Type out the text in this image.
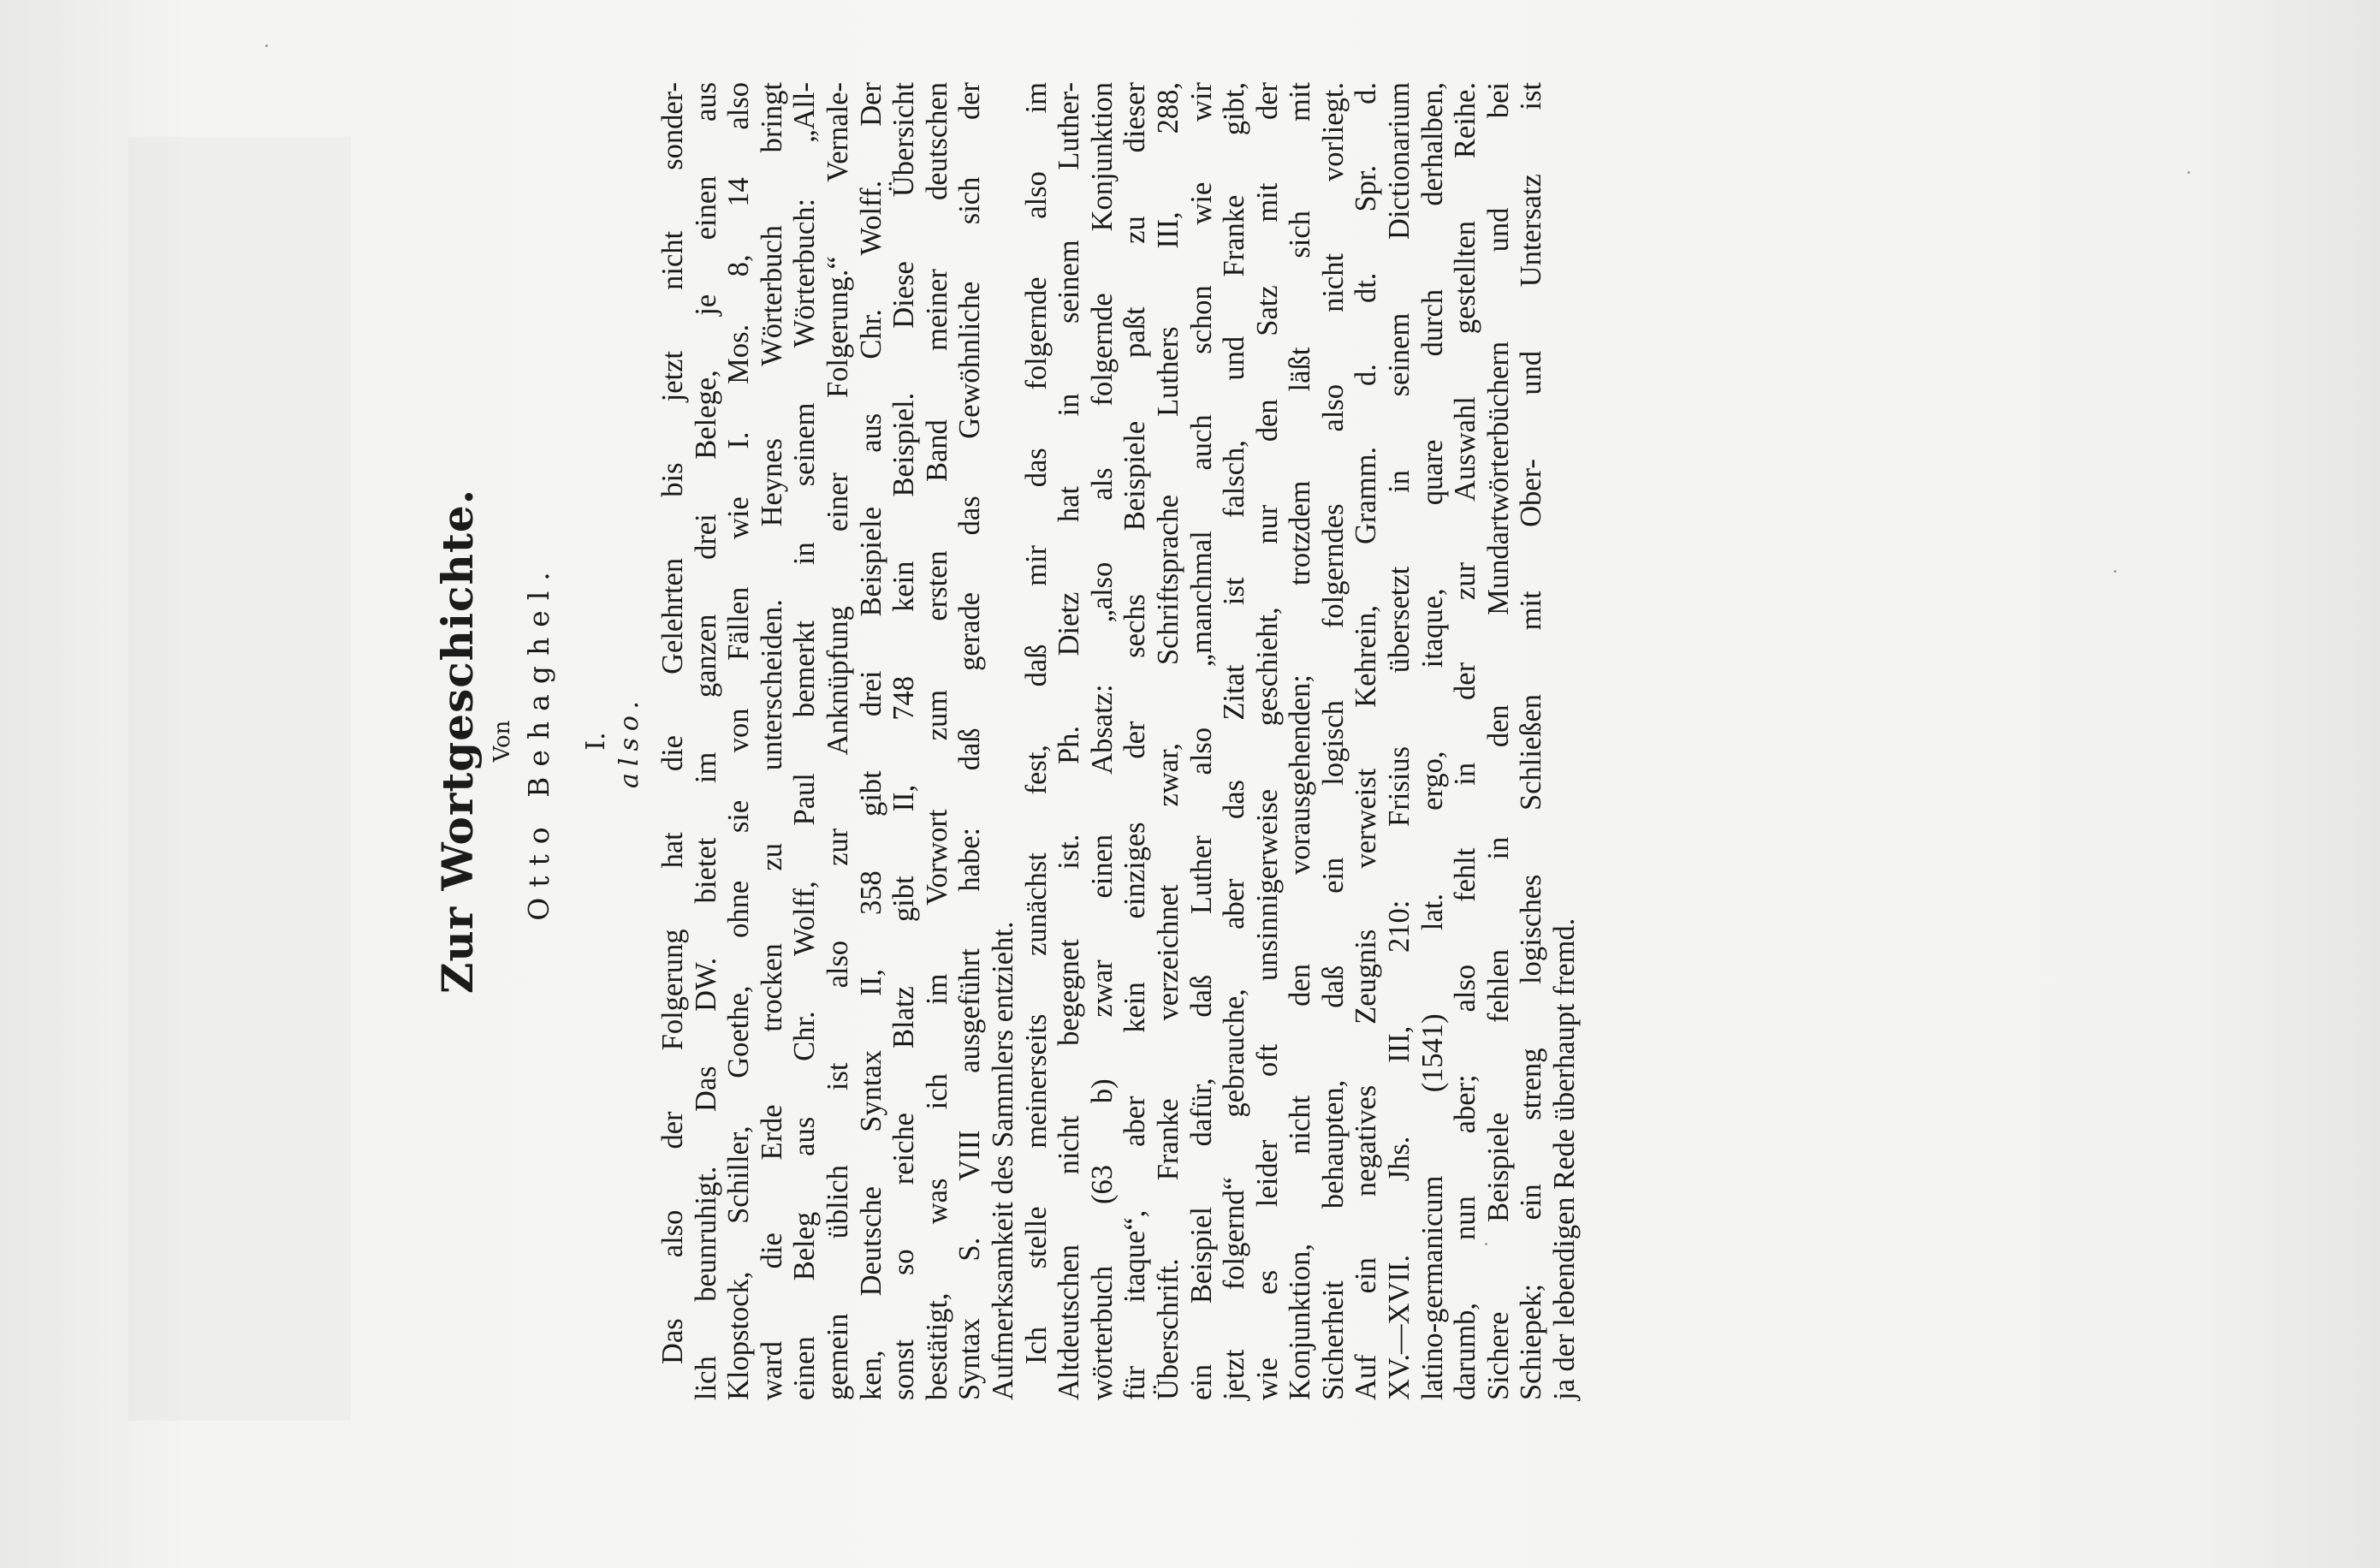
Zur Wortgeschichte. Von Otto Behaghel. I. also. Das also der Folgerung hat die Gelehrten bis jetzt nicht sonder- lich beunruhigt. Das DW. bietet im ganzen drei Belege, je einen aus Klopstock, Schiller, Goethe, ohne sie von Fällen wie I. Mos. 8, 14 also ward die Erde trocken zu unterscheiden. Heynes Wörterbuch bringt einen Beleg aus Chr. Wolff, Paul bemerkt in seinem Wörterbuch: „All- gemein üblich ist also zur Anknüpfung einer Folgerung.“ Vernale- ken, Deutsche Syntax II, 358 gibt drei Beispiele aus Chr. Wolff. Der sonst so reiche Blatz gibt II, 748 kein Beispiel. Diese Übersicht bestätigt, was ich im Vorwort zum ersten Band meiner deutschen Syntax S. VIII ausgeführt habe: daß gerade das Gewöhnliche sich der Aufmerksamkeit des Sammlers entzieht. Ich stelle meinerseits zunächst fest, daß mir das folgernde also im Altdeutschen nicht begegnet ist. Ph. Dietz hat in seinem Luther- wörterbuch (63 b) zwar einen Absatz: „also als folgernde Konjunktion für itaque“, aber kein einziges der sechs Beispiele paßt zu dieser Überschrift. Franke verzeichnet zwar, Schriftsprache Luthers III, 288, ein Beispiel dafür, daß Luther also „manchmal auch schon wie wir jetzt folgernd“ gebrauche, aber das Zitat ist falsch, und Franke gibt, wie es leider oft unsinnigerweise geschieht, nur den Satz mit der Konjunktion, nicht den vorausgehenden; trotzdem läßt sich mit Sicherheit behaupten, daß ein logisch folgerndes also nicht vorliegt. Auf ein negatives Zeugnis verweist Kehrein, Gramm. d. dt. Spr. d. XV.—XVII. Jhs. III, 210: Frisius übersetzt in seinem Dictionarium latino-germanicum (1541) lat. ergo, itaque, quare durch derhalben, darumb, nun aber; also fehlt in der zur Auswahl gestellten Reihe. Sichere Beispiele fehlen in den Mundartwörterbüchern und bei Schiepek; ein streng logisches Schließen mit Ober- und Untersatz ist ja der lebendigen Rede überhaupt fremd.
